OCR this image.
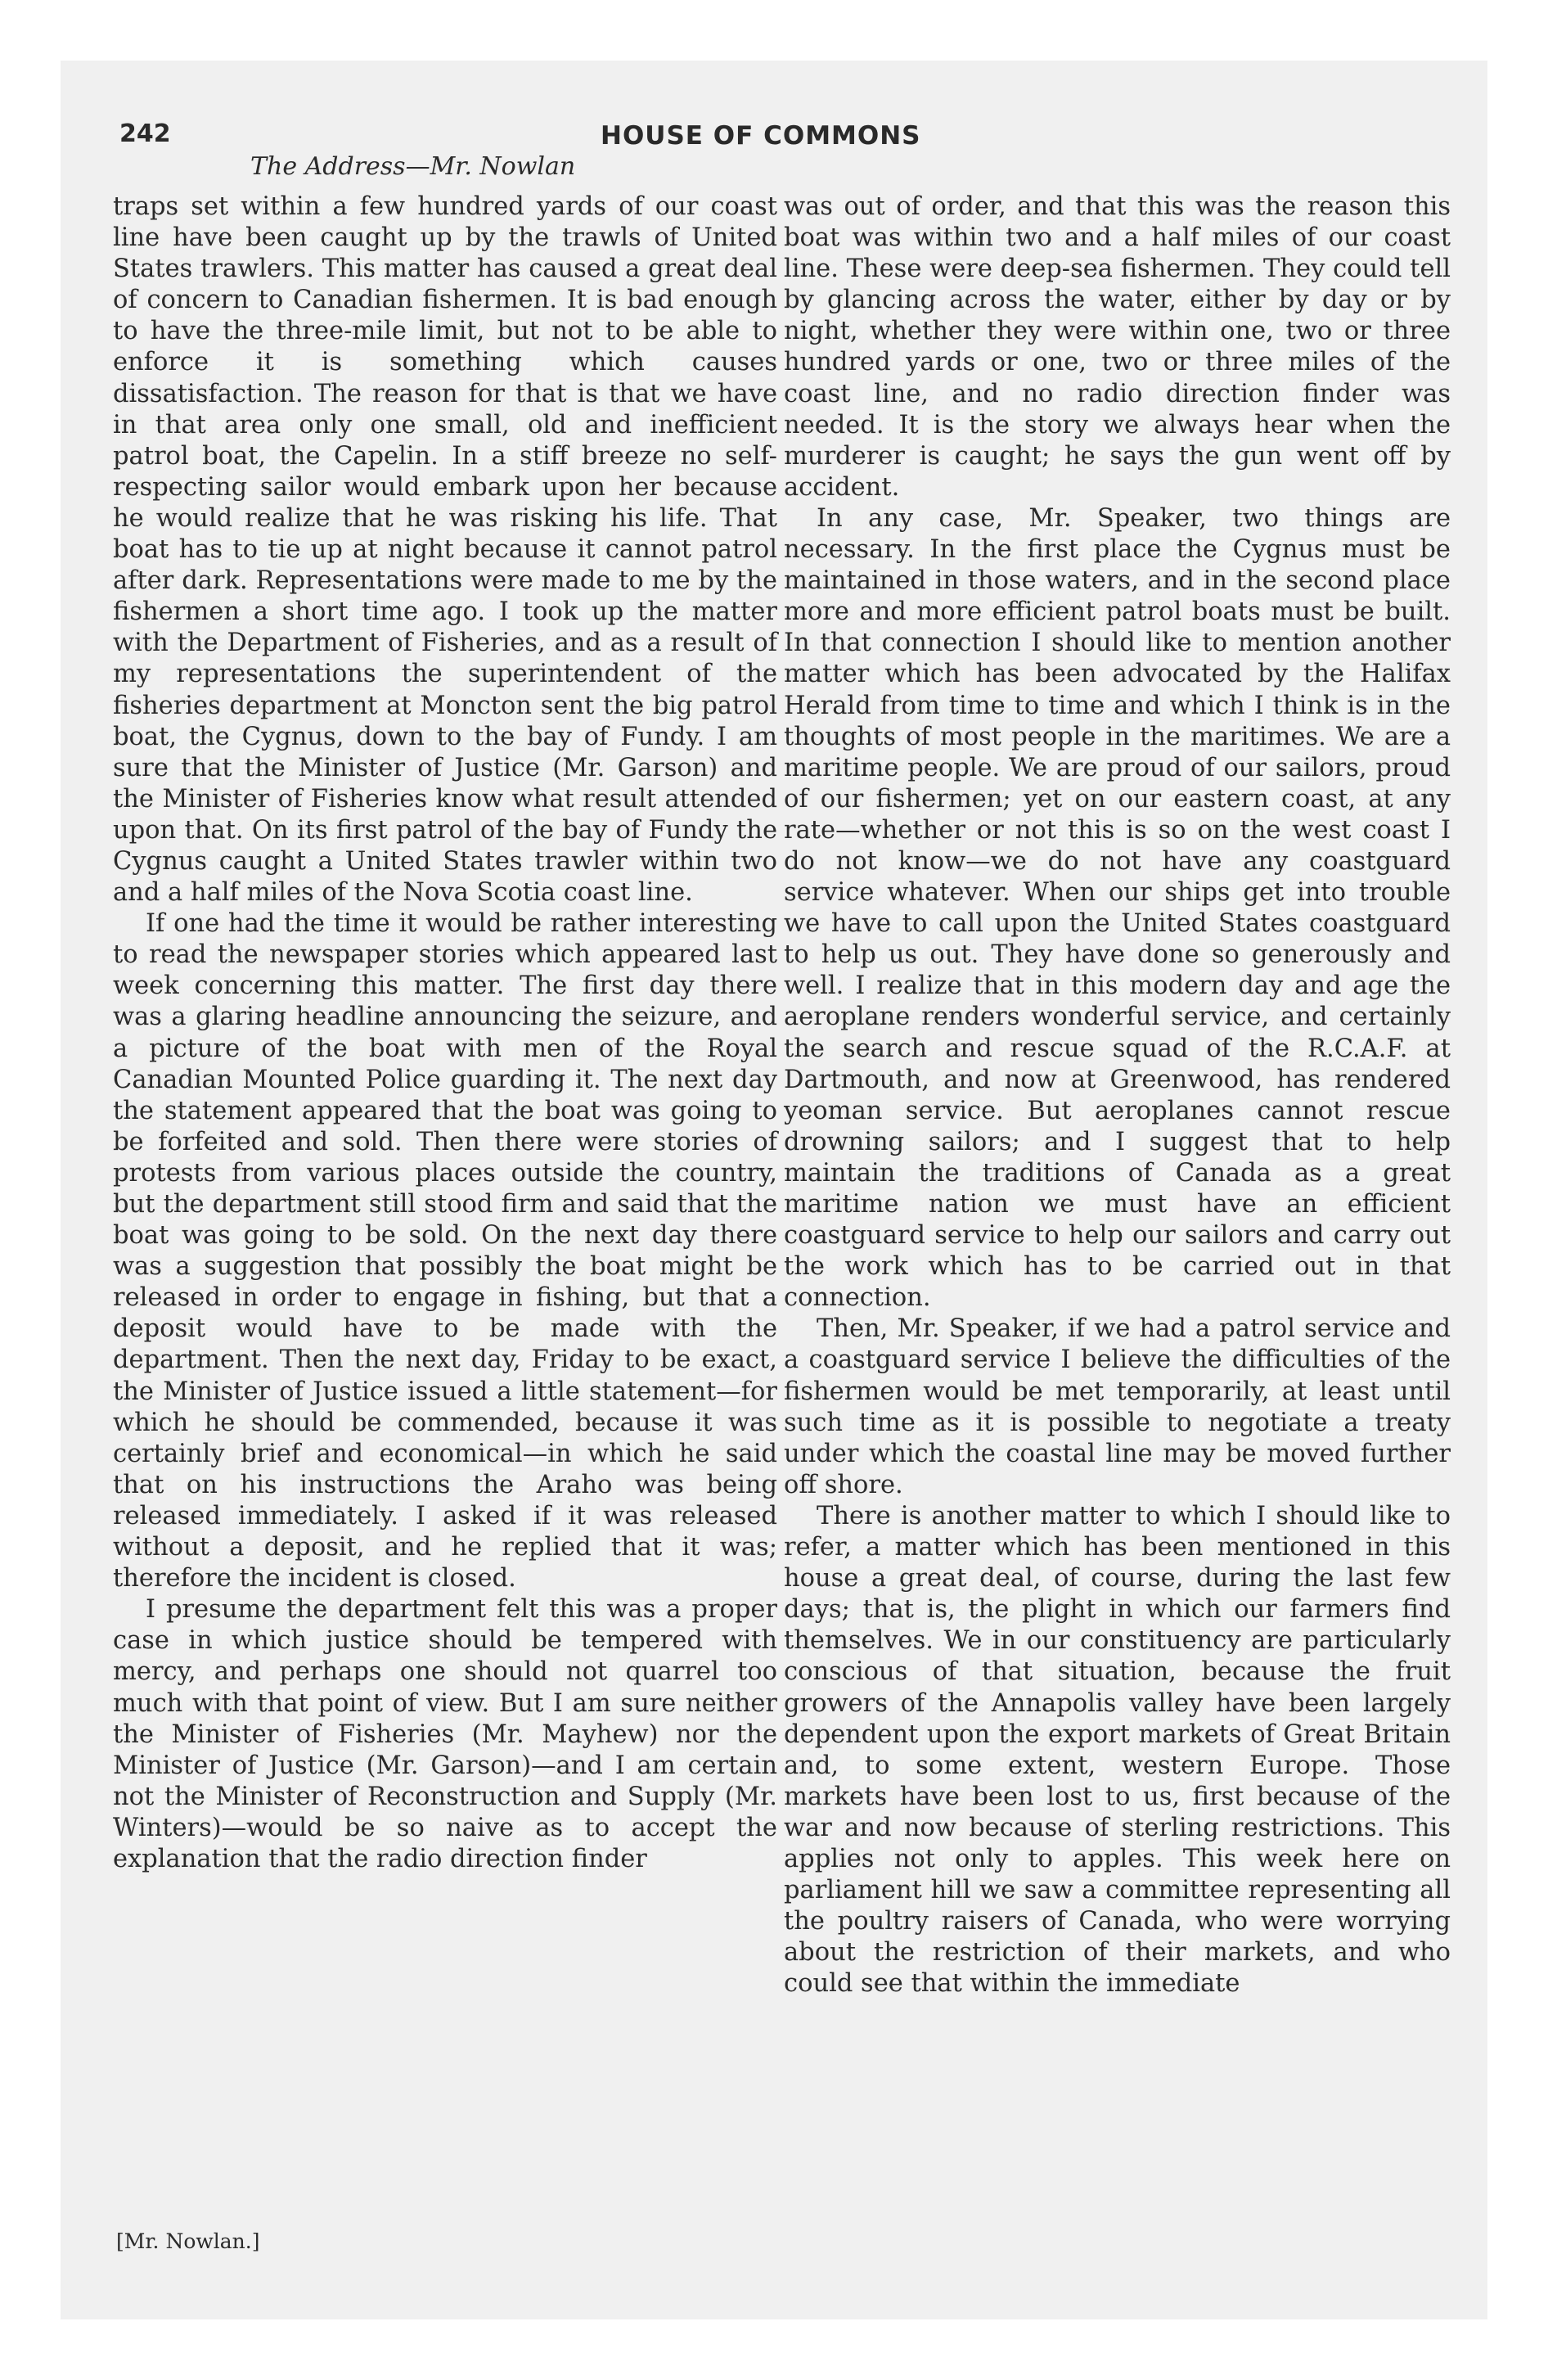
242	HOUSE OF COMMONS
The Address—Mr. Nowlan

traps set within a few hundred yards of our coast line have been caught up by the trawls of United States trawlers. This matter has caused a great deal of concern to Canadian fishermen. It is bad enough to have the three-mile limit, but not to be able to enforce it is something which causes dissatisfaction. The reason for that is that we have in that area only one small, old and inefficient patrol boat, the Capelin. In a stiff breeze no self-respecting sailor would embark upon her because he would realize that he was risking his life. That boat has to tie up at night because it cannot patrol after dark. Representations were made to me by the fishermen a short time ago. I took up the matter with the Department of Fisheries, and as a result of my representations the superintendent of the fisheries department at Moncton sent the big patrol boat, the Cygnus, down to the bay of Fundy. I am sure that the Minister of Justice (Mr. Garson) and the Minister of Fisheries know what result attended upon that. On its first patrol of the bay of Fundy the Cygnus caught a United States trawler within two and a half miles of the Nova Scotia coast line.

If one had the time it would be rather interesting to read the newspaper stories which appeared last week concerning this matter. The first day there was a glaring headline announcing the seizure, and a picture of the boat with men of the Royal Canadian Mounted Police guarding it. The next day the statement appeared that the boat was going to be forfeited and sold. Then there were stories of protests from various places outside the country, but the department still stood firm and said that the boat was going to be sold. On the next day there was a suggestion that possibly the boat might be released in order to engage in fishing, but that a deposit would have to be made with the department. Then the next day, Friday to be exact, the Minister of Justice issued a little statement—for which he should be commended, because it was certainly brief and economical—in which he said that on his instructions the Araho was being released immediately. I asked if it was released without a deposit, and he replied that it was; therefore the incident is closed.

I presume the department felt this was a proper case in which justice should be tempered with mercy, and perhaps one should not quarrel too much with that point of view. But I am sure neither the Minister of Fisheries (Mr. Mayhew) nor the Minister of Justice (Mr. Garson)—and I am certain not the Minister of Reconstruction and Supply (Mr. Winters)—would be so naive as to accept the explanation that the radio direction finder

was out of order, and that this was the reason this boat was within two and a half miles of our coast line. These were deep-sea fishermen. They could tell by glancing across the water, either by day or by night, whether they were within one, two or three hundred yards or one, two or three miles of the coast line, and no radio direction finder was needed. It is the story we always hear when the murderer is caught; he says the gun went off by accident.

In any case, Mr. Speaker, two things are necessary. In the first place the Cygnus must be maintained in those waters, and in the second place more and more efficient patrol boats must be built. In that connection I should like to mention another matter which has been advocated by the Halifax Herald from time to time and which I think is in the thoughts of most people in the maritimes. We are a maritime people. We are proud of our sailors, proud of our fishermen; yet on our eastern coast, at any rate—whether or not this is so on the west coast I do not know—we do not have any coastguard service whatever. When our ships get into trouble we have to call upon the United States coastguard to help us out. They have done so generously and well. I realize that in this modern day and age the aeroplane renders wonderful service, and certainly the search and rescue squad of the R.C.A.F. at Dartmouth, and now at Greenwood, has rendered yeoman service. But aeroplanes cannot rescue drowning sailors; and I suggest that to help maintain the traditions of Canada as a great maritime nation we must have an efficient coastguard service to help our sailors and carry out the work which has to be carried out in that connection.

Then, Mr. Speaker, if we had a patrol service and a coastguard service I believe the difficulties of the fishermen would be met temporarily, at least until such time as it is possible to negotiate a treaty under which the coastal line may be moved further off shore.

There is another matter to which I should like to refer, a matter which has been mentioned in this house a great deal, of course, during the last few days; that is, the plight in which our farmers find themselves. We in our constituency are particularly conscious of that situation, because the fruit growers of the Annapolis valley have been largely dependent upon the export markets of Great Britain and, to some extent, western Europe. Those markets have been lost to us, first because of the war and now because of sterling restrictions. This applies not only to apples. This week here on parliament hill we saw a committee representing all the poultry raisers of Canada, who were worrying about the restriction of their markets, and who could see that within the immediate

[Mr. Nowlan.]
